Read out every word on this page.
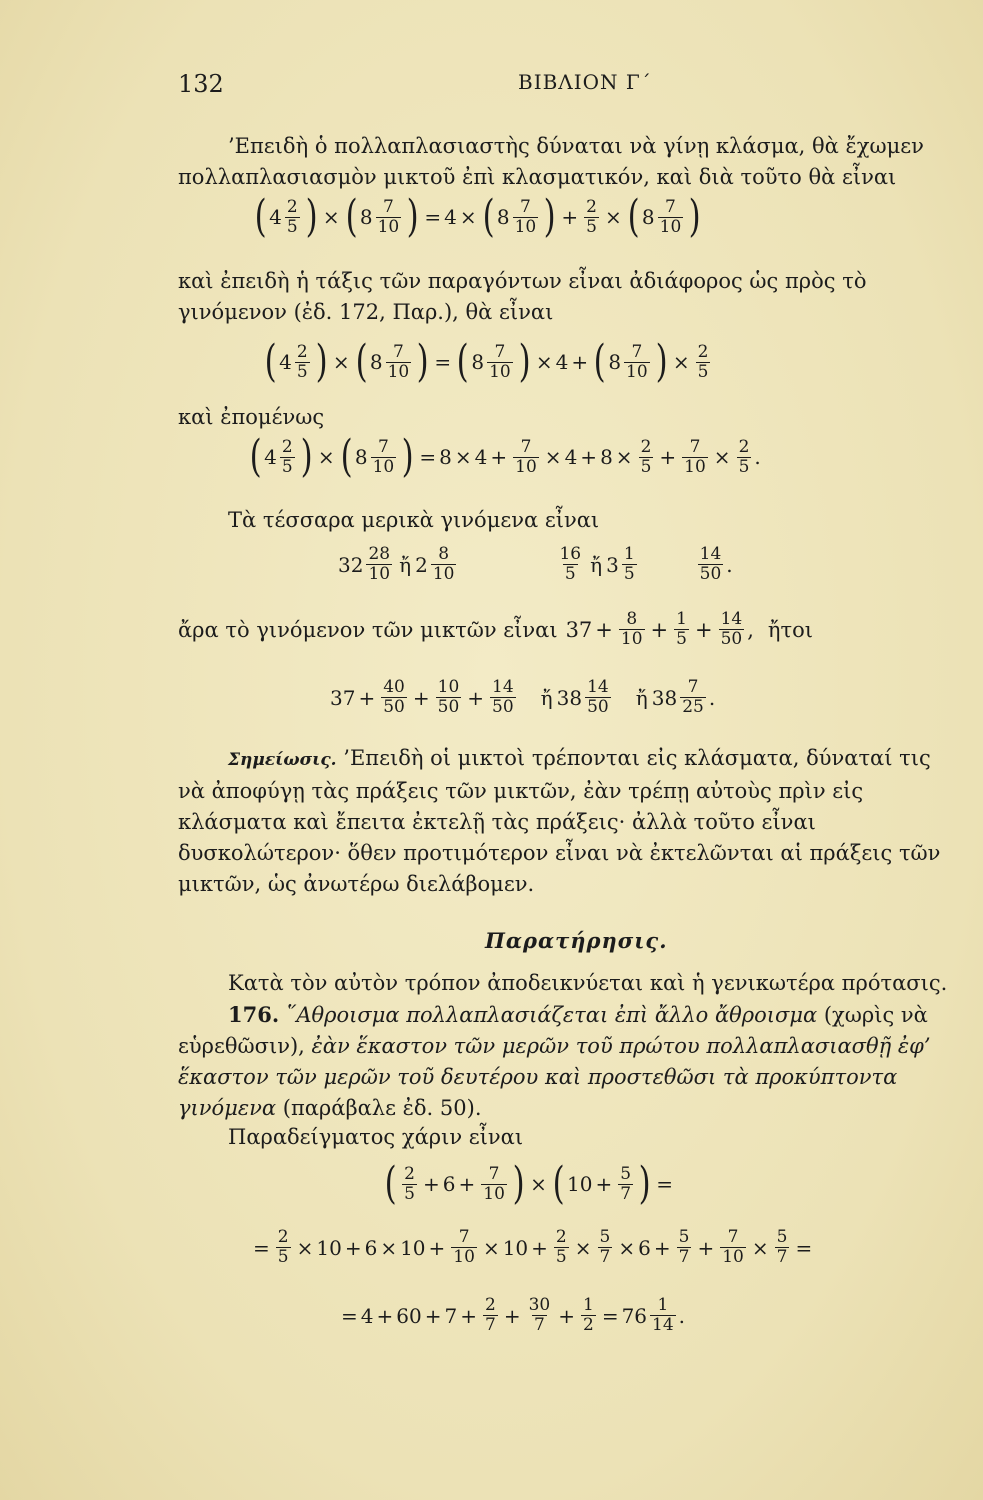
132	ΒΙΒΛΙΟΝ Γ΄
’Επειδὴ ὁ πολλαπλασιαστὴς δύναται νὰ γίνῃ κλάσμα, θὰ ἔχωμεν πολλαπλασιασμὸν μικτοῦ ἐπὶ κλασματικόν, καὶ διὰ τοῦτο θὰ εἶναι
( $4 \frac{2}{5}$ ) × ( $8 \frac{7}{10}$ ) = 4 × ( $8 \frac{7}{10}$ ) + $\frac{2}{5}$ × ( $8 \frac{7}{10}$ )
καὶ ἐπειδὴ ἡ τάξις τῶν παραγόντων εἶναι ἀδιάφορος ὡς πρὸς τὸ γινόμενον (ἐδ. 172, Παρ.), θὰ εἶναι
( $4 \frac{2}{5}$ ) × ( $8 \frac{7}{10}$ ) = ( $8 \frac{7}{10}$ ) × 4 + ( $8 \frac{7}{10}$ ) × $\frac{2}{5}$
καὶ ἐπομένως
( $4 \frac{2}{5}$ ) × ( $8 \frac{7}{10}$ ) = $8 \times 4 + \frac{7}{10} \times 4 + 8 \times \frac{2}{5} + \frac{7}{10} \times \frac{2}{5}$ .
Τὰ τέσσαρα μερικὰ γινόμενα εἶναι
$32 \frac{28}{10}$ ἤ $2 \frac{8}{10}$	$\frac{16}{5}$ ἤ $3 \frac{1}{5}$	$\frac{14}{50}$ .
ἄρα τὸ γινόμενον τῶν μικτῶν εἶναι $37 + \frac{8}{10} + \frac{1}{5} + \frac{14}{50}$ , ἤτοι
$37 + \frac{40}{50} + \frac{10}{50} + \frac{14}{50}$ ἤ $38 \frac{14}{50}$ ἤ $38 \frac{7}{25}$ .
Σημείωσις. ’Επειδὴ οἱ μικτοὶ τρέπονται εἰς κλάσματα, δύναταί τις νὰ ἀποφύγῃ τὰς πράξεις τῶν μικτῶν, ἐὰν τρέπῃ αὐτοὺς πρὶν εἰς κλάσματα καὶ ἔπειτα ἐκτελῇ τὰς πράξεις· ἀλλὰ τοῦτο εἶναι δυσκολώτερον· ὅθεν προτιμότερον εἶναι νὰ ἐκτελῶνται αἱ πράξεις τῶν μικτῶν, ὡς ἀνωτέρω διελάβομεν.
Παρατήρησις.
Κατὰ τὸν αὐτὸν τρόπον ἀποδεικνύεται καὶ ἡ γενικωτέρα πρότασις.
176. ῞Αθροισμα πολλαπλασιάζεται ἐπὶ ἄλλο ἄθροισμα (χωρὶς νὰ εὑρεθῶσιν), ἐὰν ἕκαστον τῶν μερῶν τοῦ πρώτου πολλαπλασιασθῇ ἐφ’ ἕκαστον τῶν μερῶν τοῦ δευτέρου καὶ προστεθῶσι τὰ προκύπτοντα γινόμενα (παράβαλε ἐδ. 50).
Παραδείγματος χάριν εἶναι
( $\frac{2}{5} + 6 + \frac{7}{10}$ ) × ( $10 + \frac{5}{7}$ ) =
= $\frac{2}{5} \times 10 + 6 \times 10 + \frac{7}{10} \times 10 + \frac{2}{5} \times \frac{5}{7} \times 6 + \frac{5}{7} + \frac{7}{10} \times \frac{5}{7}$ =
= $4 + 60 + 7 + \frac{2}{7} + \frac{30}{7} + \frac{1}{2} = 76 \frac{1}{14}$ .
